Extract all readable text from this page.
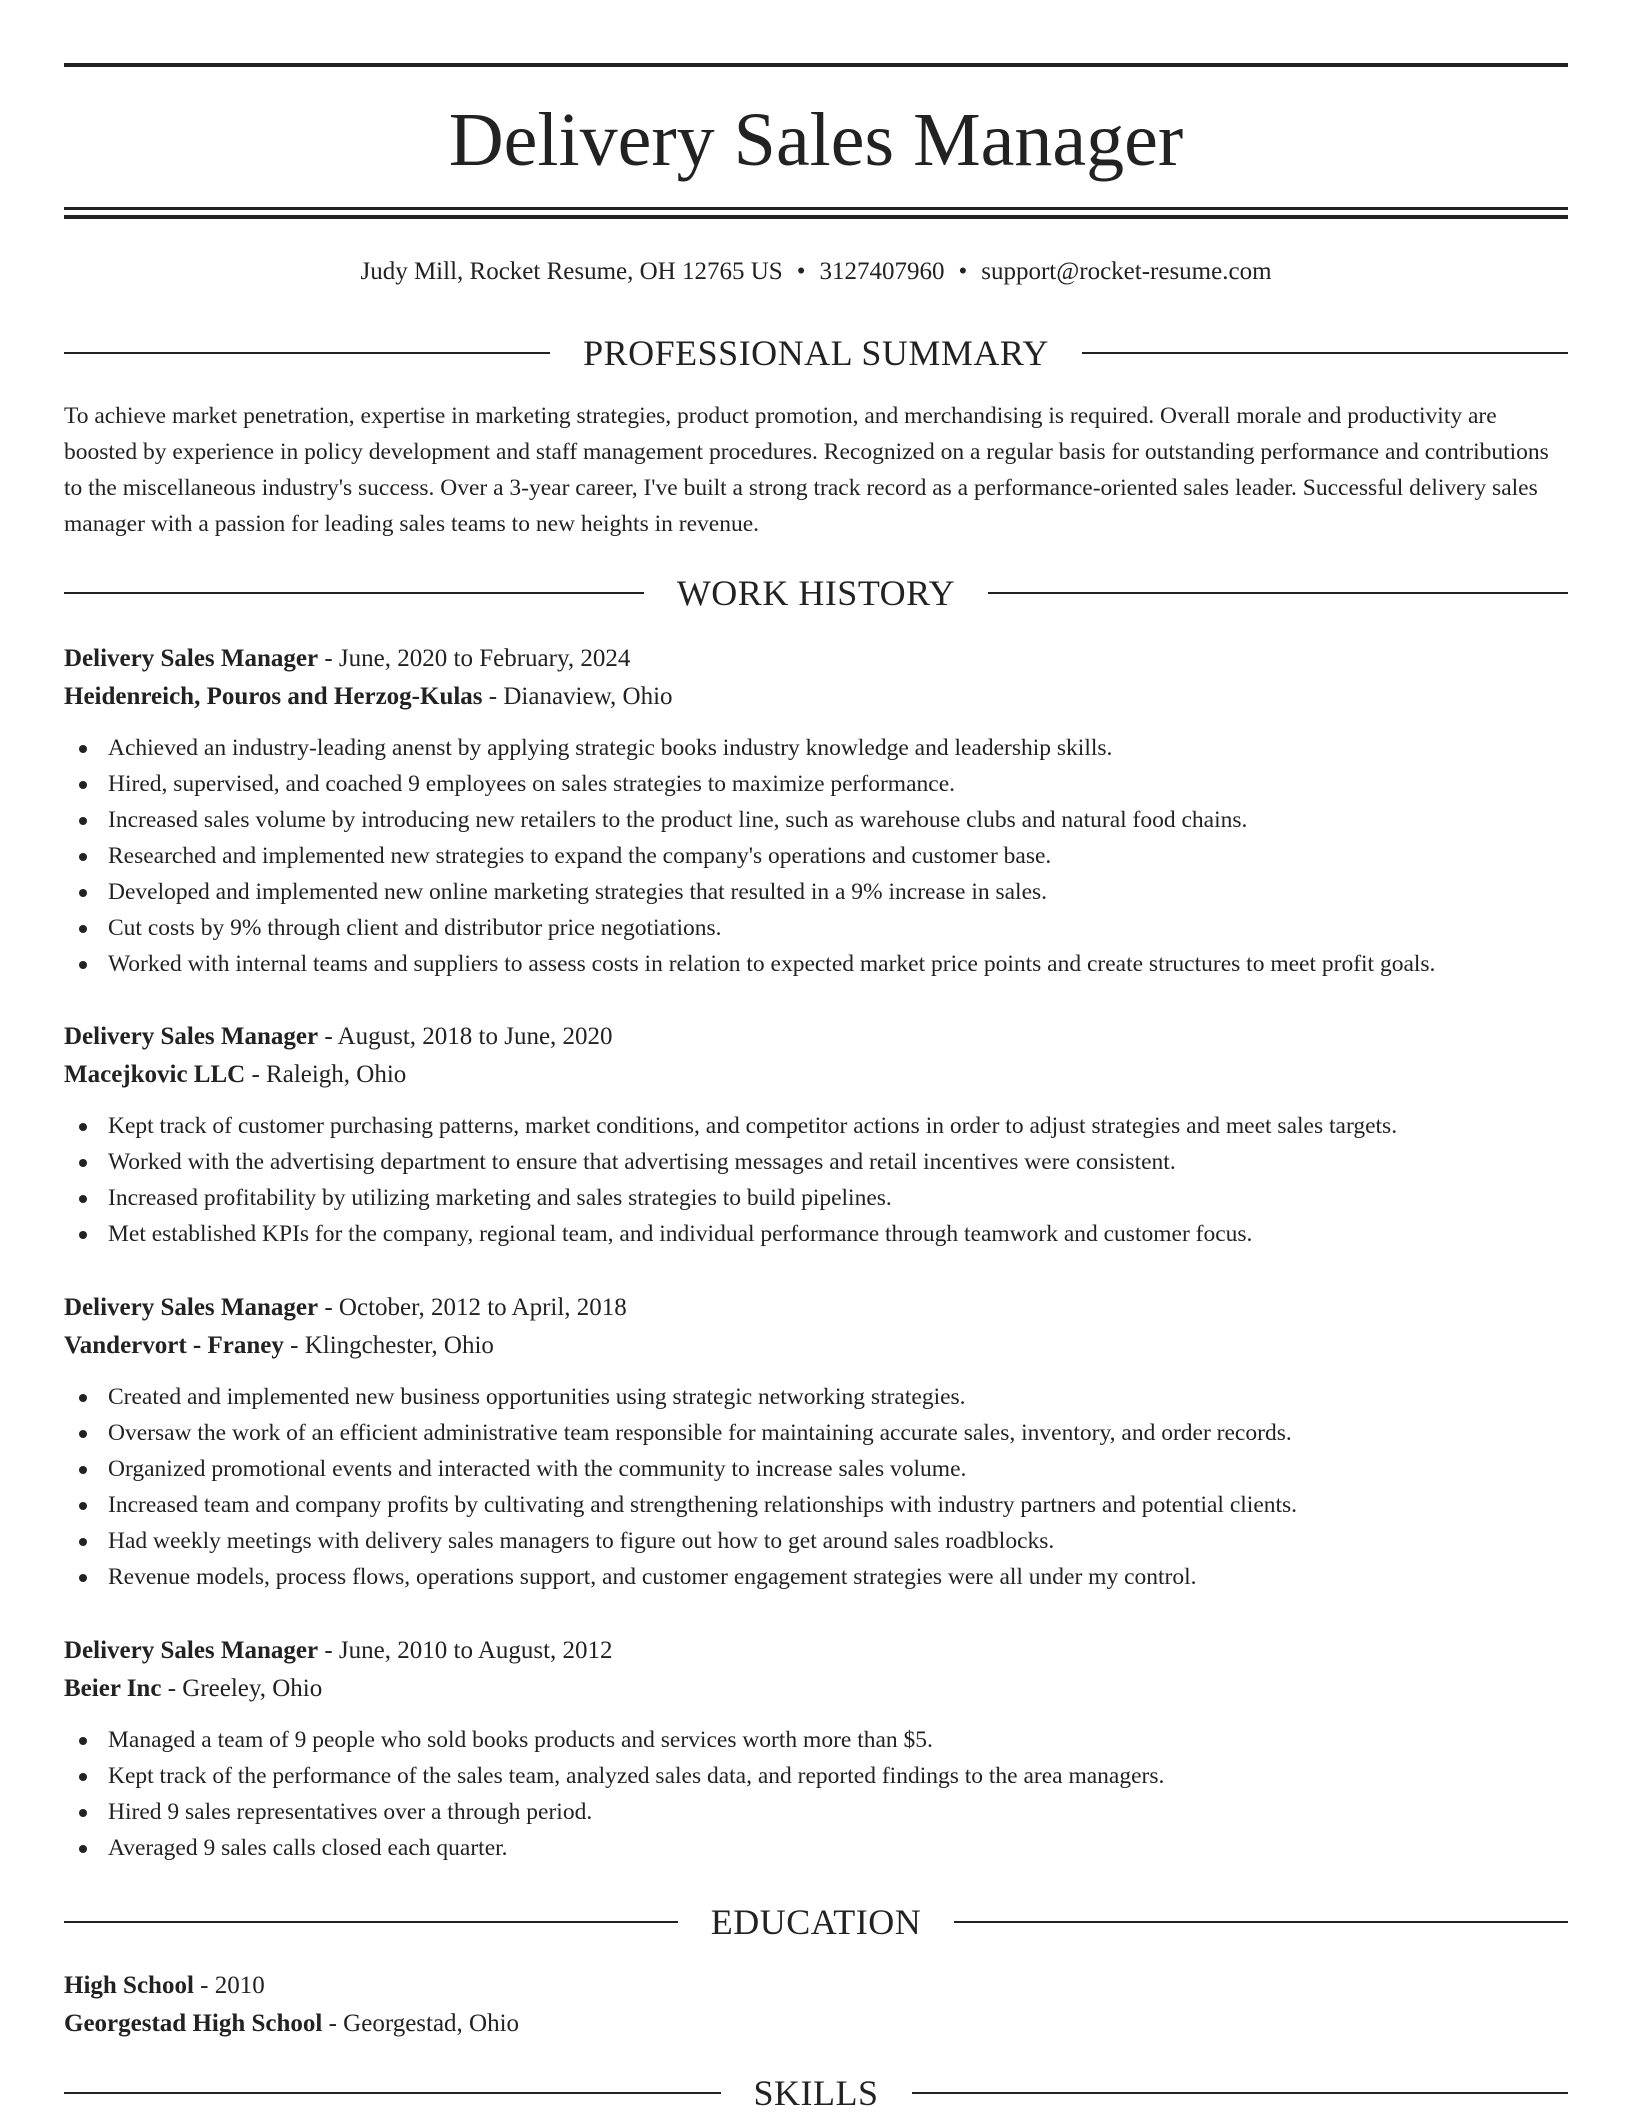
Delivery Sales Manager
Judy Mill, Rocket Resume, OH 12765 US • 3127407960 • support@rocket-resume.com
PROFESSIONAL SUMMARY

To achieve market penetration, expertise in marketing strategies, product promotion, and merchandising is required. Overall morale and productivity are boosted by experience in policy development and staff management procedures. Recognized on a regular basis for outstanding performance and contributions to the miscellaneous industry's success. Over a 3-year career, I've built a strong track record as a performance-oriented sales leader. Successful delivery sales manager with a passion for leading sales teams to new heights in revenue.

WORK HISTORY
Delivery Sales Manager - June, 2020 to February, 2024
Heidenreich, Pouros and Herzog-Kulas - Dianaview, Ohio
Achieved an industry-leading anenst by applying strategic books industry knowledge and leadership skills.
Hired, supervised, and coached 9 employees on sales strategies to maximize performance.
Increased sales volume by introducing new retailers to the product line, such as warehouse clubs and natural food chains.
Researched and implemented new strategies to expand the company's operations and customer base.
Developed and implemented new online marketing strategies that resulted in a 9% increase in sales.
Cut costs by 9% through client and distributor price negotiations.
Worked with internal teams and suppliers to assess costs in relation to expected market price points and create structures to meet profit goals.
Delivery Sales Manager - August, 2018 to June, 2020
Macejkovic LLC - Raleigh, Ohio
Kept track of customer purchasing patterns, market conditions, and competitor actions in order to adjust strategies and meet sales targets.
Worked with the advertising department to ensure that advertising messages and retail incentives were consistent.
Increased profitability by utilizing marketing and sales strategies to build pipelines.
Met established KPIs for the company, regional team, and individual performance through teamwork and customer focus.
Delivery Sales Manager - October, 2012 to April, 2018
Vandervort - Franey - Klingchester, Ohio
Created and implemented new business opportunities using strategic networking strategies.
Oversaw the work of an efficient administrative team responsible for maintaining accurate sales, inventory, and order records.
Organized promotional events and interacted with the community to increase sales volume.
Increased team and company profits by cultivating and strengthening relationships with industry partners and potential clients.
Had weekly meetings with delivery sales managers to figure out how to get around sales roadblocks.
Revenue models, process flows, operations support, and customer engagement strategies were all under my control.
Delivery Sales Manager - June, 2010 to August, 2012
Beier Inc - Greeley, Ohio
Managed a team of 9 people who sold books products and services worth more than $5.
Kept track of the performance of the sales team, analyzed sales data, and reported findings to the area managers.
Hired 9 sales representatives over a through period.
Averaged 9 sales calls closed each quarter.
EDUCATION
High School - 2010
Georgestad High School - Georgestad, Ohio
SKILLS
